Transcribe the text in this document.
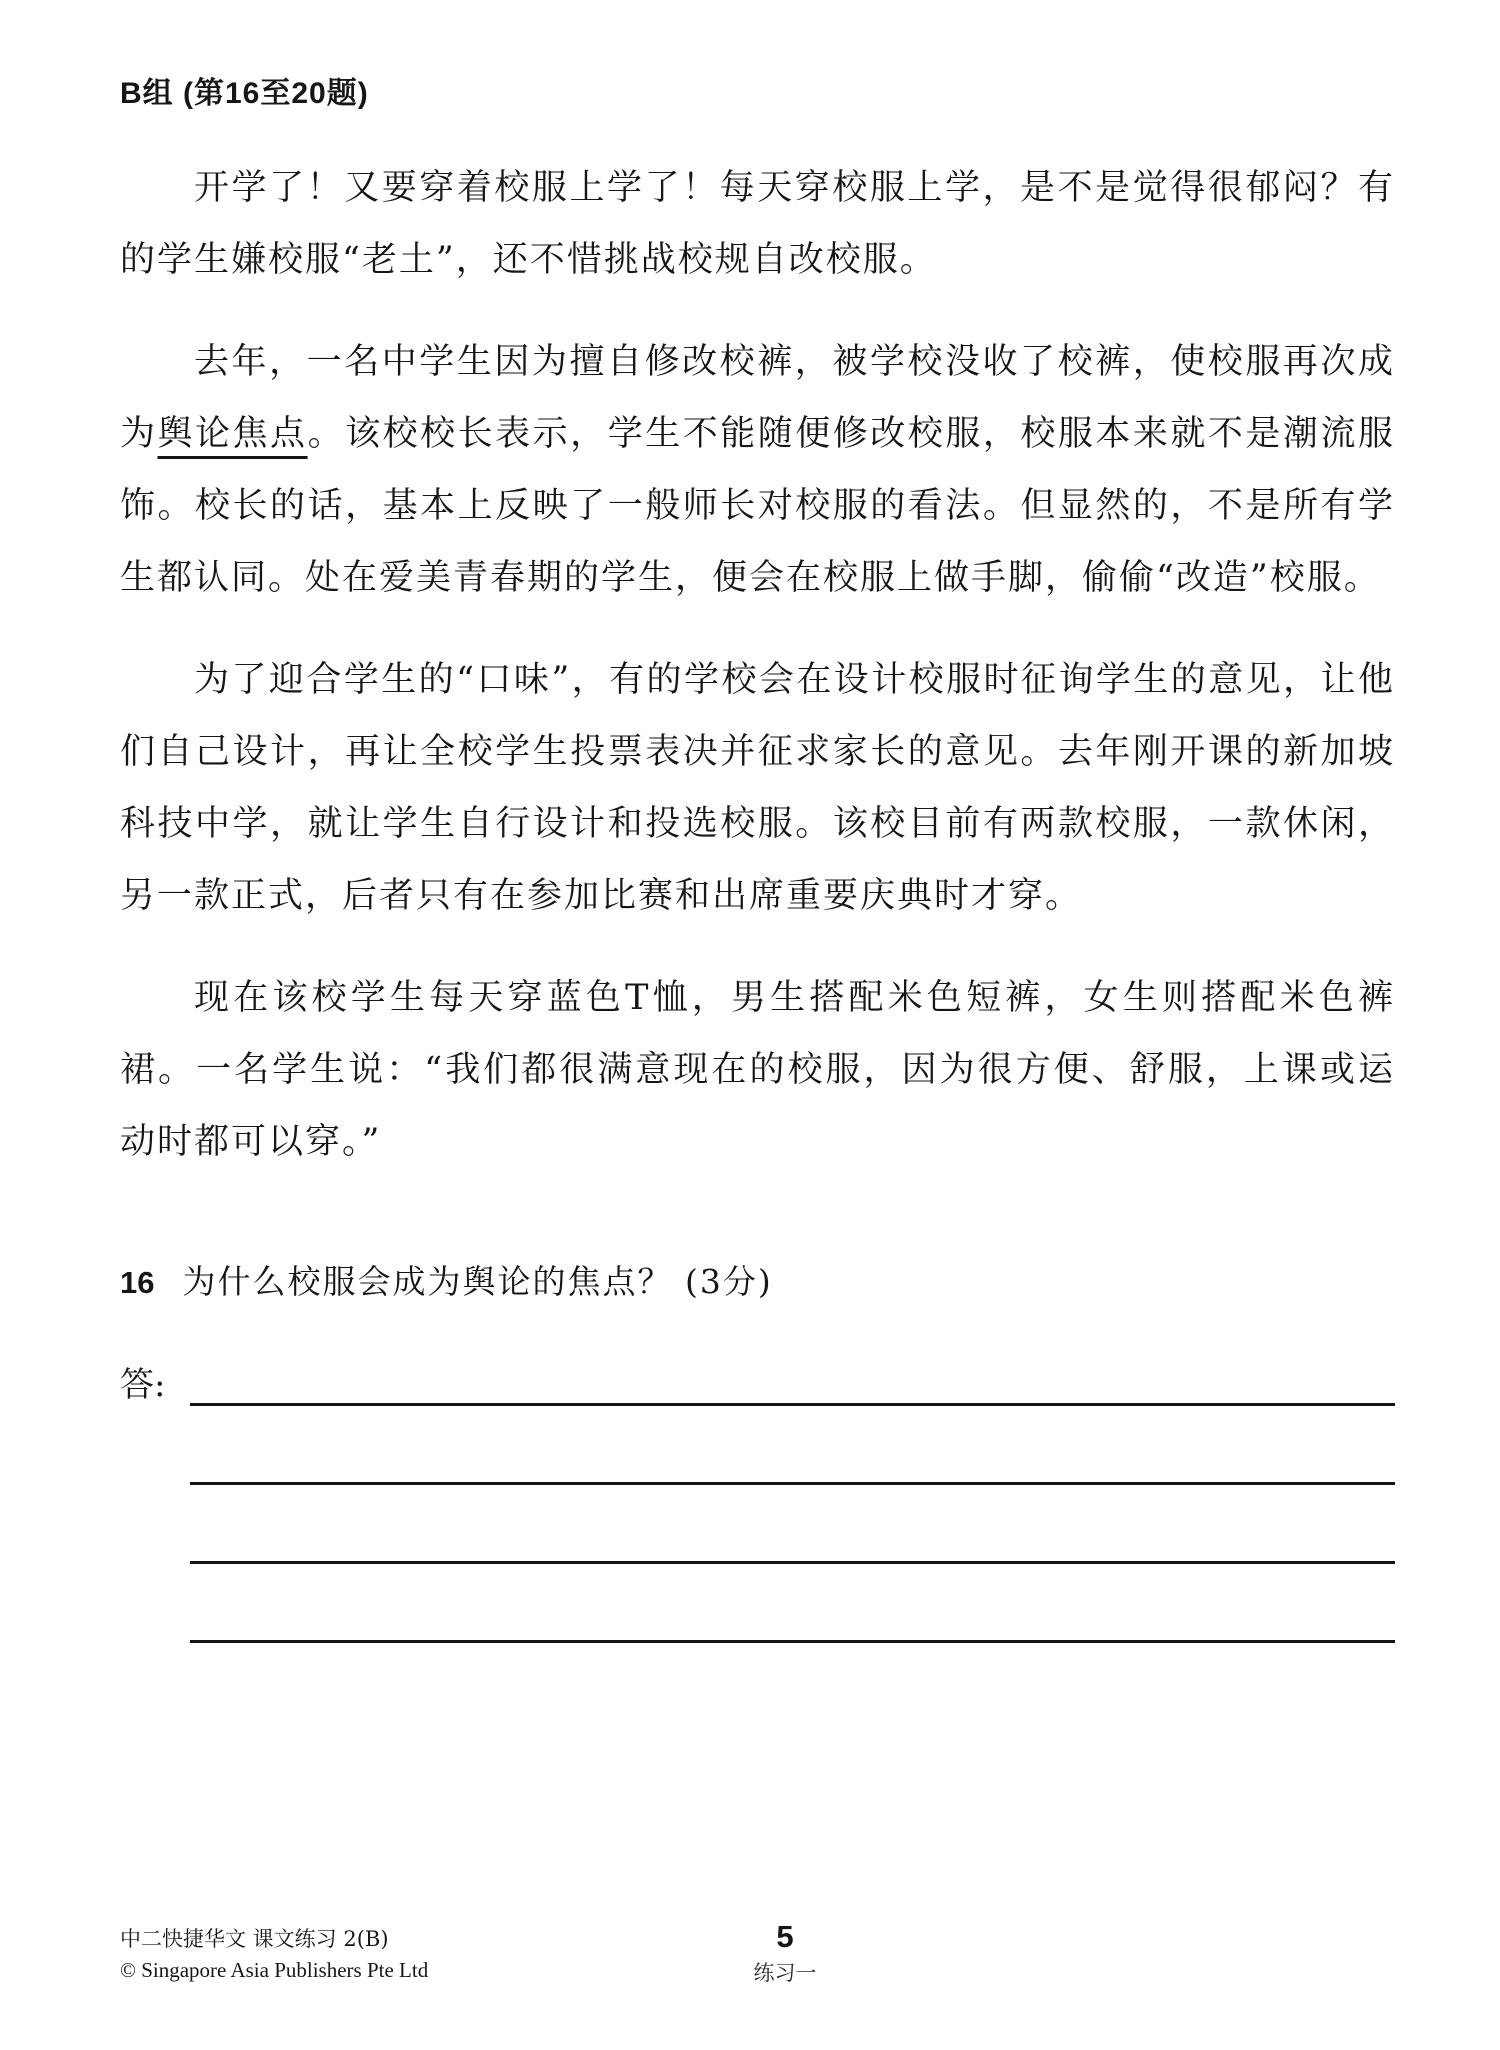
B组 (第16至20题)

开学了！又要穿着校服上学了！每天穿校服上学，是不是觉得很郁闷？有的学生嫌校服“老土”，还不惜挑战校规自改校服。

去年，一名中学生因为擅自修改校裤，被学校没收了校裤，使校服再次成为舆论焦点。该校校长表示，学生不能随便修改校服，校服本来就不是潮流服饰。校长的话，基本上反映了一般师长对校服的看法。但显然的，不是所有学生都认同。处在爱美青春期的学生，便会在校服上做手脚，偷偷“改造”校服。

为了迎合学生的“口味”，有的学校会在设计校服时征询学生的意见，让他们自己设计，再让全校学生投票表决并征求家长的意见。去年刚开课的新加坡科技中学，就让学生自行设计和投选校服。该校目前有两款校服，一款休闲，另一款正式，后者只有在参加比赛和出席重要庆典时才穿。

现在该校学生每天穿蓝色T恤，男生搭配米色短裤，女生则搭配米色裤裙。一名学生说：“我们都很满意现在的校服，因为很方便、舒服，上课或运动时都可以穿。”

16 为什么校服会成为舆论的焦点？ (3分)
答:
中二快捷华文 课文练习 2(B)
© Singapore Asia Publishers Pte Ltd
5
练习一
